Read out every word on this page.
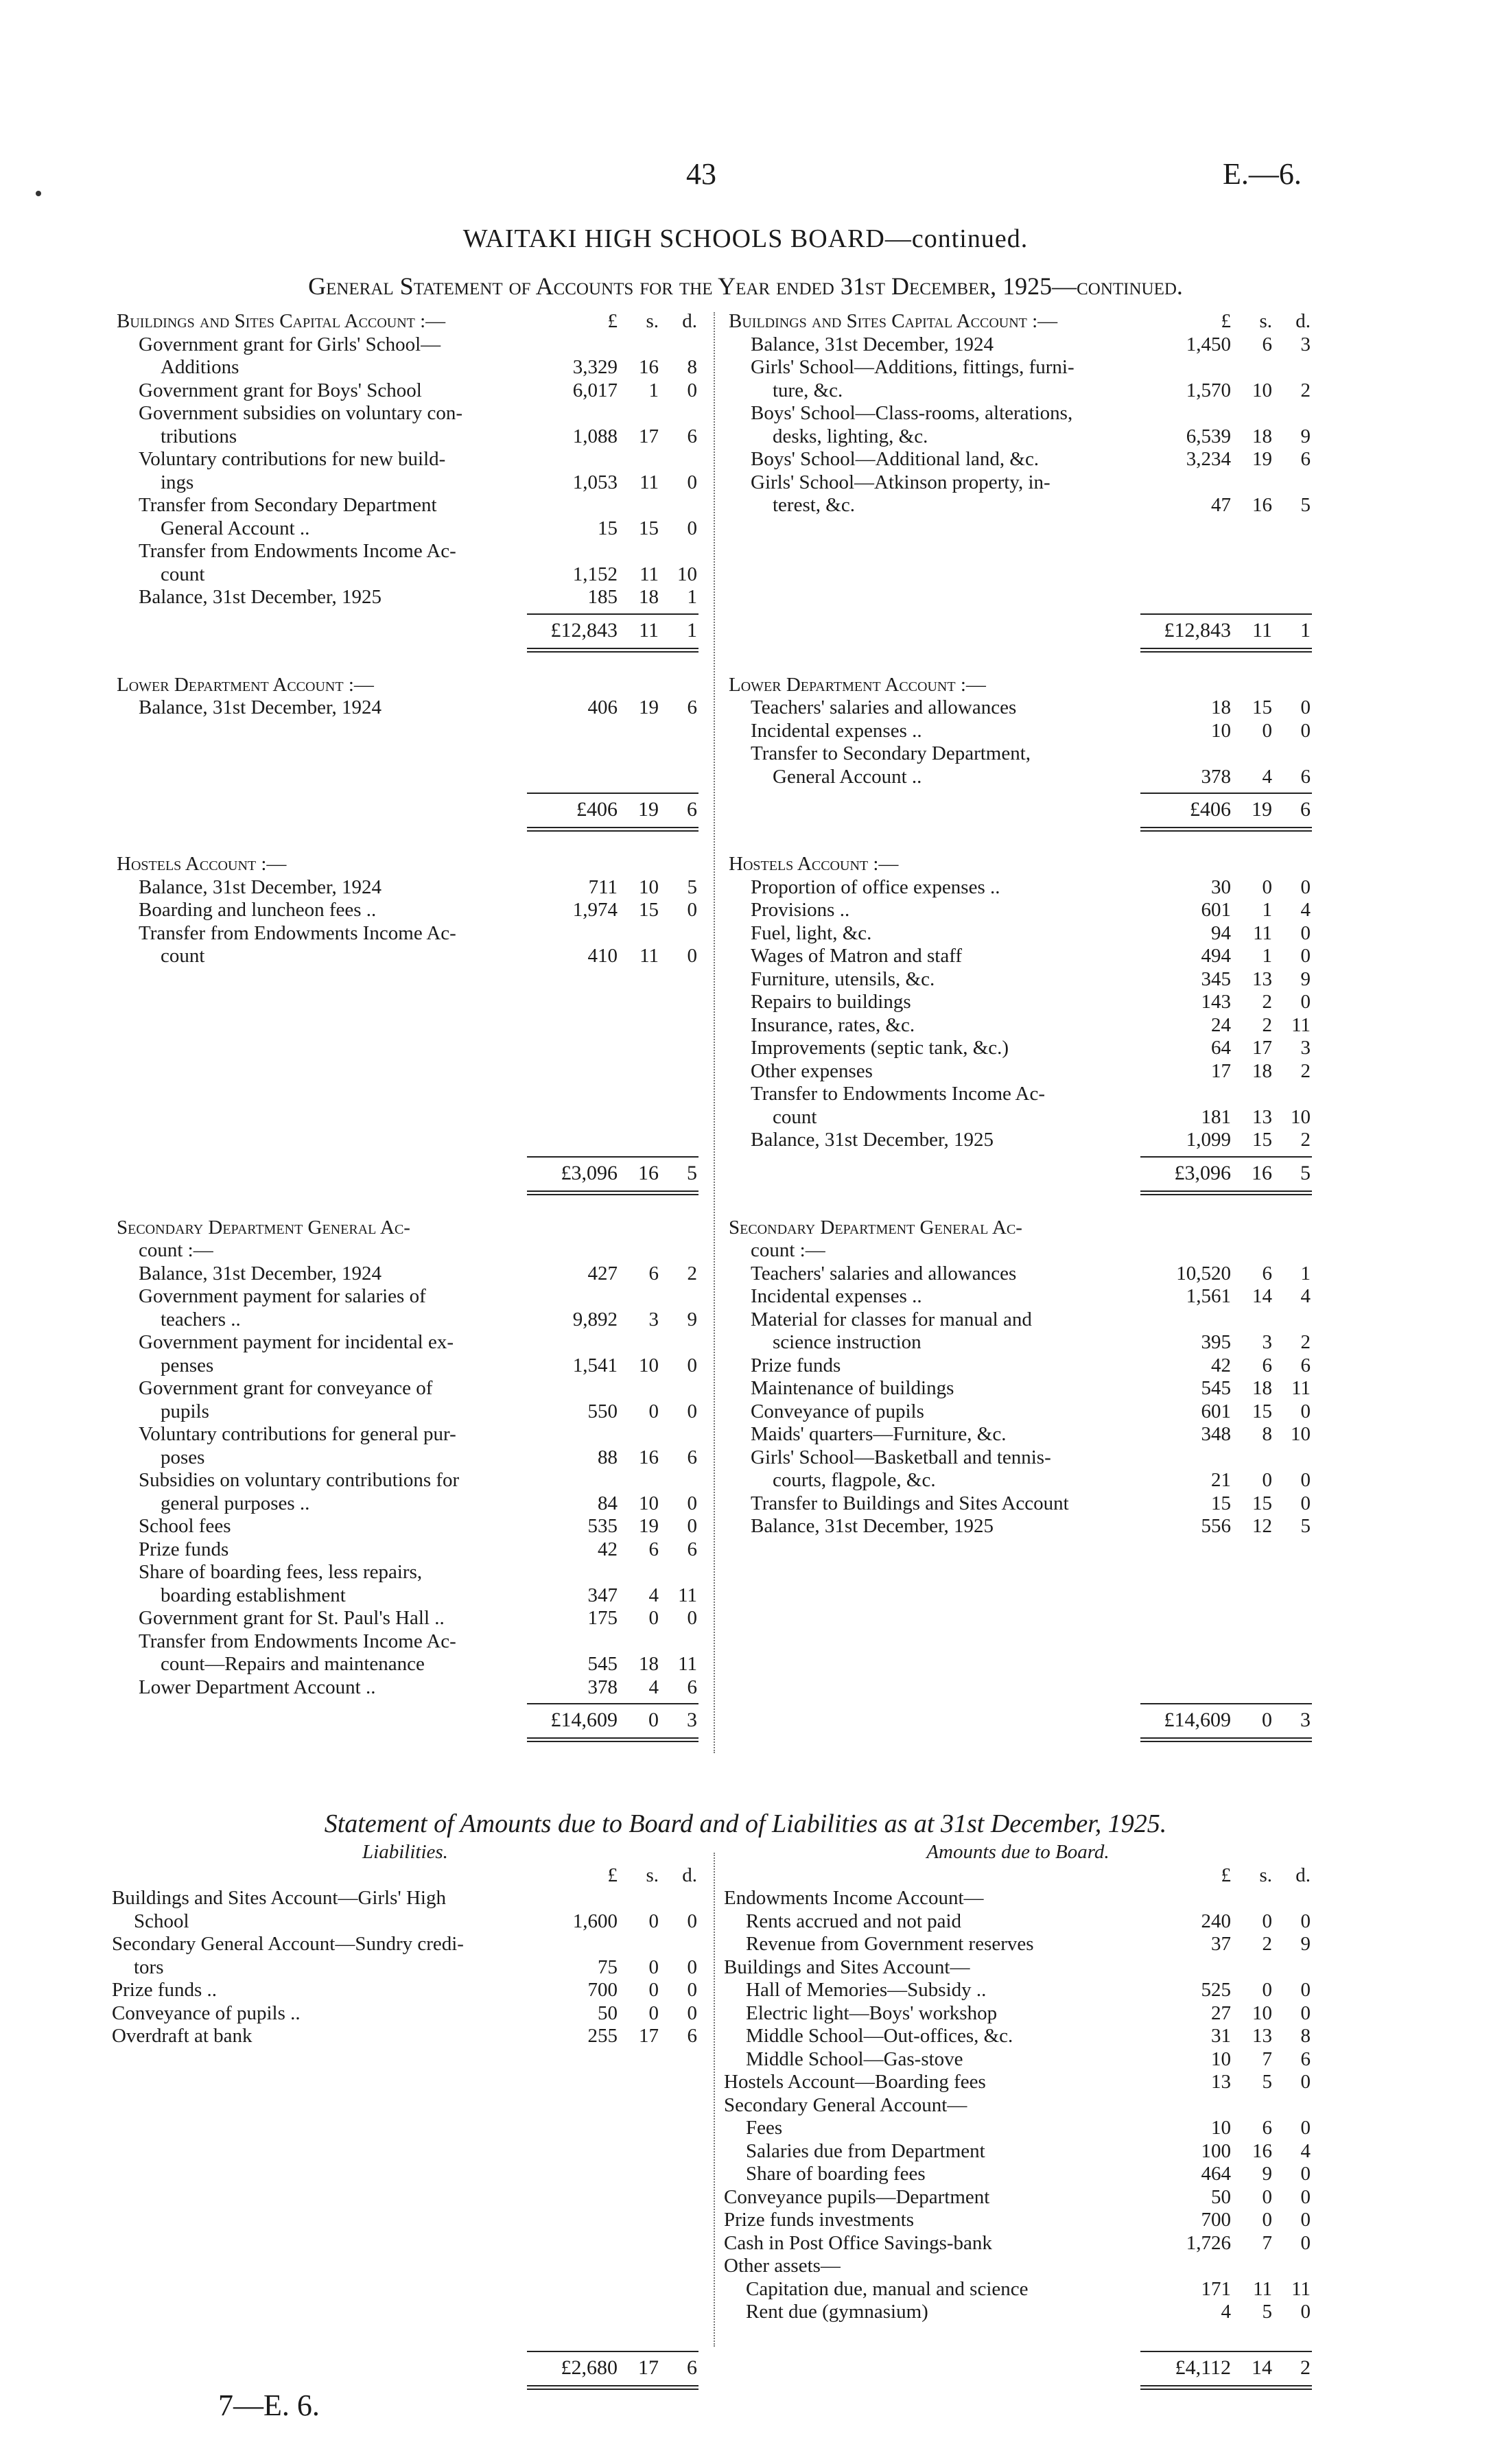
43	E.—6.
WAITAKI HIGH SCHOOLS BOARD—continued.
General Statement of Accounts for the Year ended 31st December, 1925—continued.
Buildings and Sites Capital Account :—	£	s.	d.
Government grant for Girls' School—
Additions	3,329	16	8
Government grant for Boys' School	6,017	1	0
Government subsidies on voluntary con-
tributions	1,088	17	6
Voluntary contributions for new build-
ings	1,053	11	0
Transfer from Secondary Department
General Account ..	15	15	0
Transfer from Endowments Income Ac-
count	1,152	11 10
Balance, 31st December, 1925	185	18	1
£12,843	11	1
Lower Department Account :—
Balance, 31st December, 1924	406	19	6
£406	19	6
Hostels Account :—
Balance, 31st December, 1924	711	10	5
Boarding and luncheon fees ..	1,974	15	0
Transfer from Endowments Income Ac-
count	410	11	0
£3,096	16	5
Secondary Department General Ac-
count :—
Balance, 31st December, 1924	427	6	2
Government payment for salaries of
teachers ..	9,892	3	9
Government payment for incidental ex-
penses	1,541	10	0
Government grant for conveyance of
pupils	550	0	0
Voluntary contributions for general pur-
poses	88	16	6
Subsidies on voluntary contributions for
general purposes ..	84	10	0
School fees	535	19	0
Prize funds	42	6	6
Share of boarding fees, less repairs,
boarding establishment	347	4 11
Government grant for St. Paul's Hall ..	175	0	0
Transfer from Endowments Income Ac-
count—Repairs and maintenance	545	18 11
Lower Department Account ..	378	4	6
£14,609	0	3
Buildings and Sites Capital Account :—	£	s.	d.
Balance, 31st December, 1924	1,450	6	3
Girls' School—Additions, fittings, furni-
ture, &c.	1,570	10	2
Boys' School—Class-rooms, alterations,
desks, lighting, &c.	6,539	18	9
Boys' School—Additional land, &c.	3,234	19	6
Girls' School—Atkinson property, in-
terest, &c.	47	16	5
£12,843	11	1
Lower Department Account :—
Teachers' salaries and allowances	18	15	0
Incidental expenses ..	10	0	0
Transfer to Secondary Department,
General Account ..	378	4	6
£406	19	6
Hostels Account :—
Proportion of office expenses ..	30	0	0
Provisions ..	601	1	4
Fuel, light, &c.	94	11	0
Wages of Matron and staff	494	1	0
Furniture, utensils, &c.	345	13	9
Repairs to buildings	143	2	0
Insurance, rates, &c.	24	2 11
Improvements (septic tank, &c.)	64	17	3
Other expenses	17	18	2
Transfer to Endowments Income Ac-
count	181	13 10
Balance, 31st December, 1925	1,099	15	2
£3,096	16	5
Secondary Department General Ac-
count :—
Teachers' salaries and allowances	10,520	6	1
Incidental expenses ..	1,561	14	4
Material for classes for manual and
science instruction	395	3	2
Prize funds	42	6	6
Maintenance of buildings	545	18 11
Conveyance of pupils	601	15	0
Maids' quarters—Furniture, &c.	348	8 10
Girls' School—Basketball and tennis-
courts, flagpole, &c.	21	0	0
Transfer to Buildings and Sites Account	15	15	0
Balance, 31st December, 1925	556	12	5
£14,609	0	3
Statement of Amounts due to Board and of Liabilities as at 31st December, 1925.
Liabilities.
£	s.	d.
Buildings and Sites Account—Girls' High
School	1,600	0	0
Secondary General Account—Sundry credi-
tors	75	0	0
Prize funds ..	700	0	0
Conveyance of pupils ..	50	0	0
Overdraft at bank	255	17	6
£2,680	17	6
Amounts due to Board.
£	s.	d.
Endowments Income Account—
Rents accrued and not paid	240	0	0
Revenue from Government reserves	37	2	9
Buildings and Sites Account—
Hall of Memories—Subsidy ..	525	0	0
Electric light—Boys' workshop	27	10	0
Middle School—Out-offices, &c.	31	13	8
Middle School—Gas-stove	10	7	6
Hostels Account—Boarding fees	13	5	0
Secondary General Account—
Fees	10	6	0
Salaries due from Department	100	16	4
Share of boarding fees	464	9	0
Conveyance pupils—Department	50	0	0
Prize funds investments	700	0	0
Cash in Post Office Savings-bank	1,726	7	0
Other assets—
Capitation due, manual and science	171	11 11
Rent due (gymnasium)	4	5	0
£4,112	14	2
7—E. 6.
